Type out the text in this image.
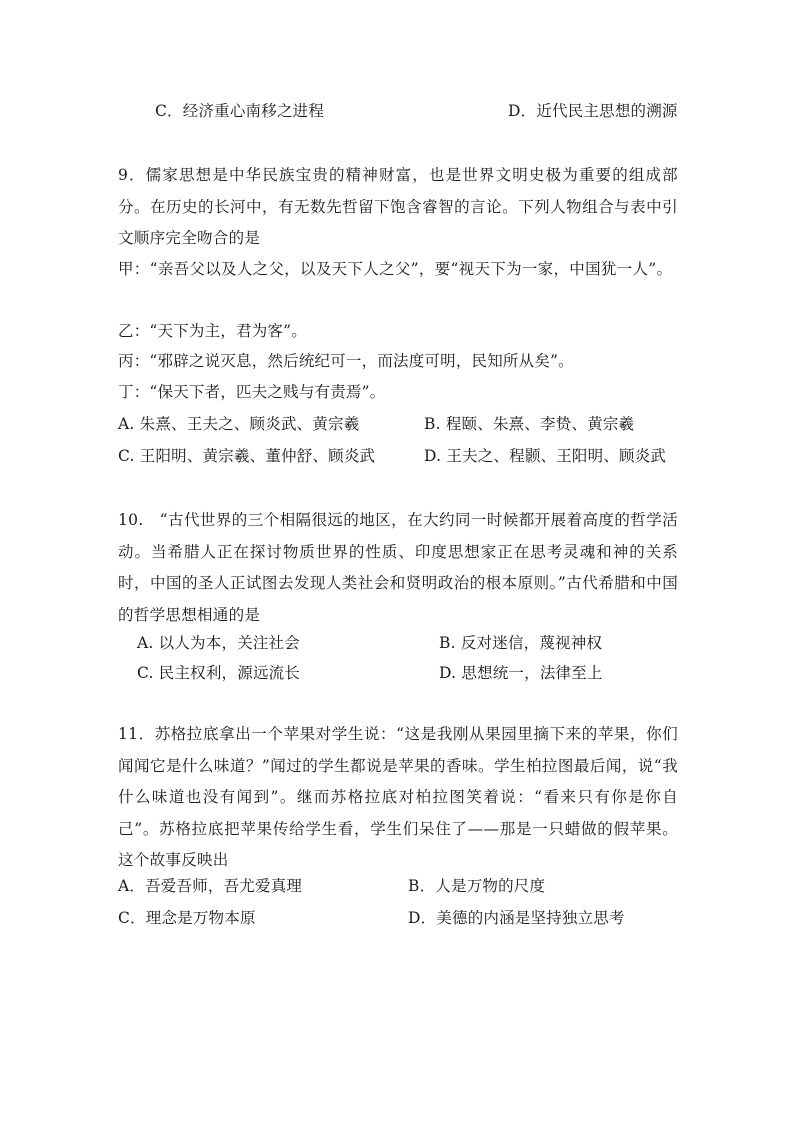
C．经济重心南移之进程	D．近代民主思想的溯源
9．儒家思想是中华民族宝贵的精神财富，也是世界文明史极为重要的组成部分。在历史的长河中，有无数先哲留下饱含睿智的言论。下列人物组合与表中引文顺序完全吻合的是
甲：“亲吾父以及人之父，以及天下人之父”，要“视天下为一家，中国犹一人”。
乙：“天下为主，君为客”。
丙：“邪辟之说灭息，然后统纪可一，而法度可明，民知所从矣”。
丁：“保天下者，匹夫之贱与有责焉”。
A. 朱熹、王夫之、顾炎武、黄宗羲	B. 程颐、朱熹、李贽、黄宗羲
C. 王阳明、黄宗羲、董仲舒、顾炎武	D. 王夫之、程颢、王阳明、顾炎武
10.　“古代世界的三个相隔很远的地区，在大约同一时候都开展着高度的哲学活动。当希腊人正在探讨物质世界的性质、印度思想家正在思考灵魂和神的关系时，中国的圣人正试图去发现人类社会和贤明政治的根本原则。”古代希腊和中国的哲学思想相通的是
A. 以人为本，关注社会	B. 反对迷信，蔑视神权
C. 民主权利，源远流长	D. 思想统一，法律至上
11．苏格拉底拿出一个苹果对学生说：“这是我刚从果园里摘下来的苹果，你们闻闻它是什么味道？”闻过的学生都说是苹果的香味。学生柏拉图最后闻，说“我什么味道也没有闻到”。继而苏格拉底对柏拉图笑着说：“看来只有你是你自己”。苏格拉底把苹果传给学生看，学生们呆住了——那是一只蜡做的假苹果。这个故事反映出
A．吾爱吾师，吾尤爱真理	B．人是万物的尺度
C．理念是万物本原	D．美德的内涵是坚持独立思考
